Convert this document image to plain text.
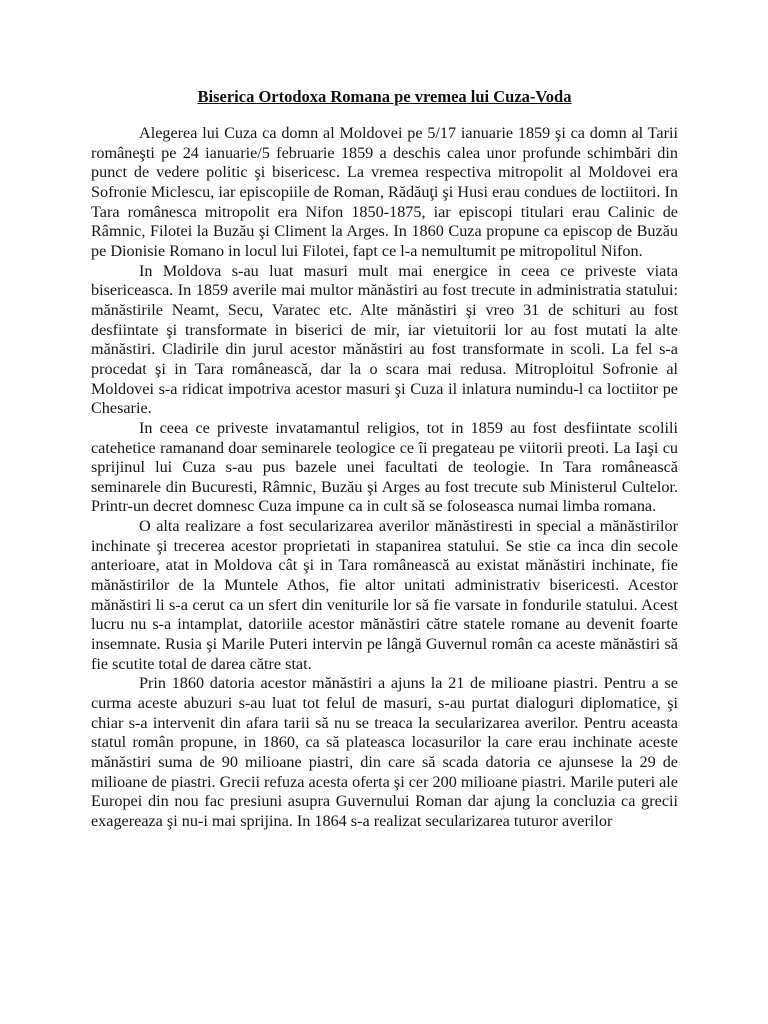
Biserica Ortodoxa Romana pe vremea lui Cuza-Voda

Alegerea lui Cuza ca domn al Moldovei pe 5/17 ianuarie 1859 şi ca domn al Tarii româneşti pe 24 ianuarie/5 februarie 1859 a deschis calea unor profunde schimbări din punct de vedere politic şi bisericesc. La vremea respectiva mitropolit al Moldovei era Sofronie Miclescu, iar episcopiile de Roman, Rădăuţi şi Husi erau condues de loctiitori. In Tara românesca mitropolit era Nifon 1850-1875, iar episcopi titulari erau Calinic de Râmnic, Filotei la Buzău şi Climent la Arges. In 1860 Cuza propune ca episcop de Buzău pe Dionisie Romano in locul lui Filotei, fapt ce l-a nemultumit pe mitropolitul Nifon.

In Moldova s-au luat masuri mult mai energice in ceea ce priveste viata bisericeasca. In 1859 averile mai multor mănăstiri au fost trecute in administratia statului: mănăstirile Neamt, Secu, Varatec etc. Alte mănăstiri şi vreo 31 de schituri au fost desfiintate şi transformate in biserici de mir, iar vietuitorii lor au fost mutati la alte mănăstiri. Cladirile din jurul acestor mănăstiri au fost transformate in scoli. La fel s-a procedat şi in Tara românească, dar la o scara mai redusa. Mitroploitul Sofronie al Moldovei s-a ridicat impotriva acestor masuri şi Cuza il inlatura numindu-l ca loctiitor pe Chesarie.

In ceea ce priveste invatamantul religios, tot in 1859 au fost desfiintate scolili catehetice ramanand doar seminarele teologice ce îi pregateau pe viitorii preoti. La Iaşi cu sprijinul lui Cuza s-au pus bazele unei facultati de teologie. In Tara românească seminarele din Bucuresti, Râmnic, Buzău şi Arges au fost trecute sub Ministerul Cultelor. Printr-un decret domnesc Cuza impune ca in cult să se foloseasca numai limba romana.

O alta realizare a fost secularizarea averilor mănăstiresti in special a mănăstirilor inchinate şi trecerea acestor proprietati in stapanirea statului. Se stie ca inca din secole anterioare, atat in Moldova cât şi in Tara românească au existat mănăstiri inchinate, fie mănăstirilor de la Muntele Athos, fie altor unitati administrativ bisericesti. Acestor mănăstiri li s-a cerut ca un sfert din veniturile lor să fie varsate in fondurile statului. Acest lucru nu s-a intamplat, datoriile acestor mănăstiri către statele romane au devenit foarte insemnate. Rusia şi Marile Puteri intervin pe lângă Guvernul român ca aceste mănăstiri să fie scutite total de darea către stat.

Prin 1860 datoria acestor mănăstiri a ajuns la 21 de milioane piastri. Pentru a se curma aceste abuzuri s-au luat tot felul de masuri, s-au purtat dialoguri diplomatice, şi chiar s-a intervenit din afara tarii să nu se treaca la secularizarea averilor. Pentru aceasta statul român propune, in 1860, ca să plateasca locasurilor la care erau inchinate aceste mănăstiri suma de 90 milioane piastri, din care să scada datoria ce ajunsese la 29 de milioane de piastri. Grecii refuza acesta oferta şi cer 200 milioane piastri. Marile puteri ale Europei din nou fac presiuni asupra Guvernului Roman dar ajung la concluzia ca grecii exagereaza şi nu-i mai sprijina. In 1864 s-a realizat secularizarea tuturor averilor
